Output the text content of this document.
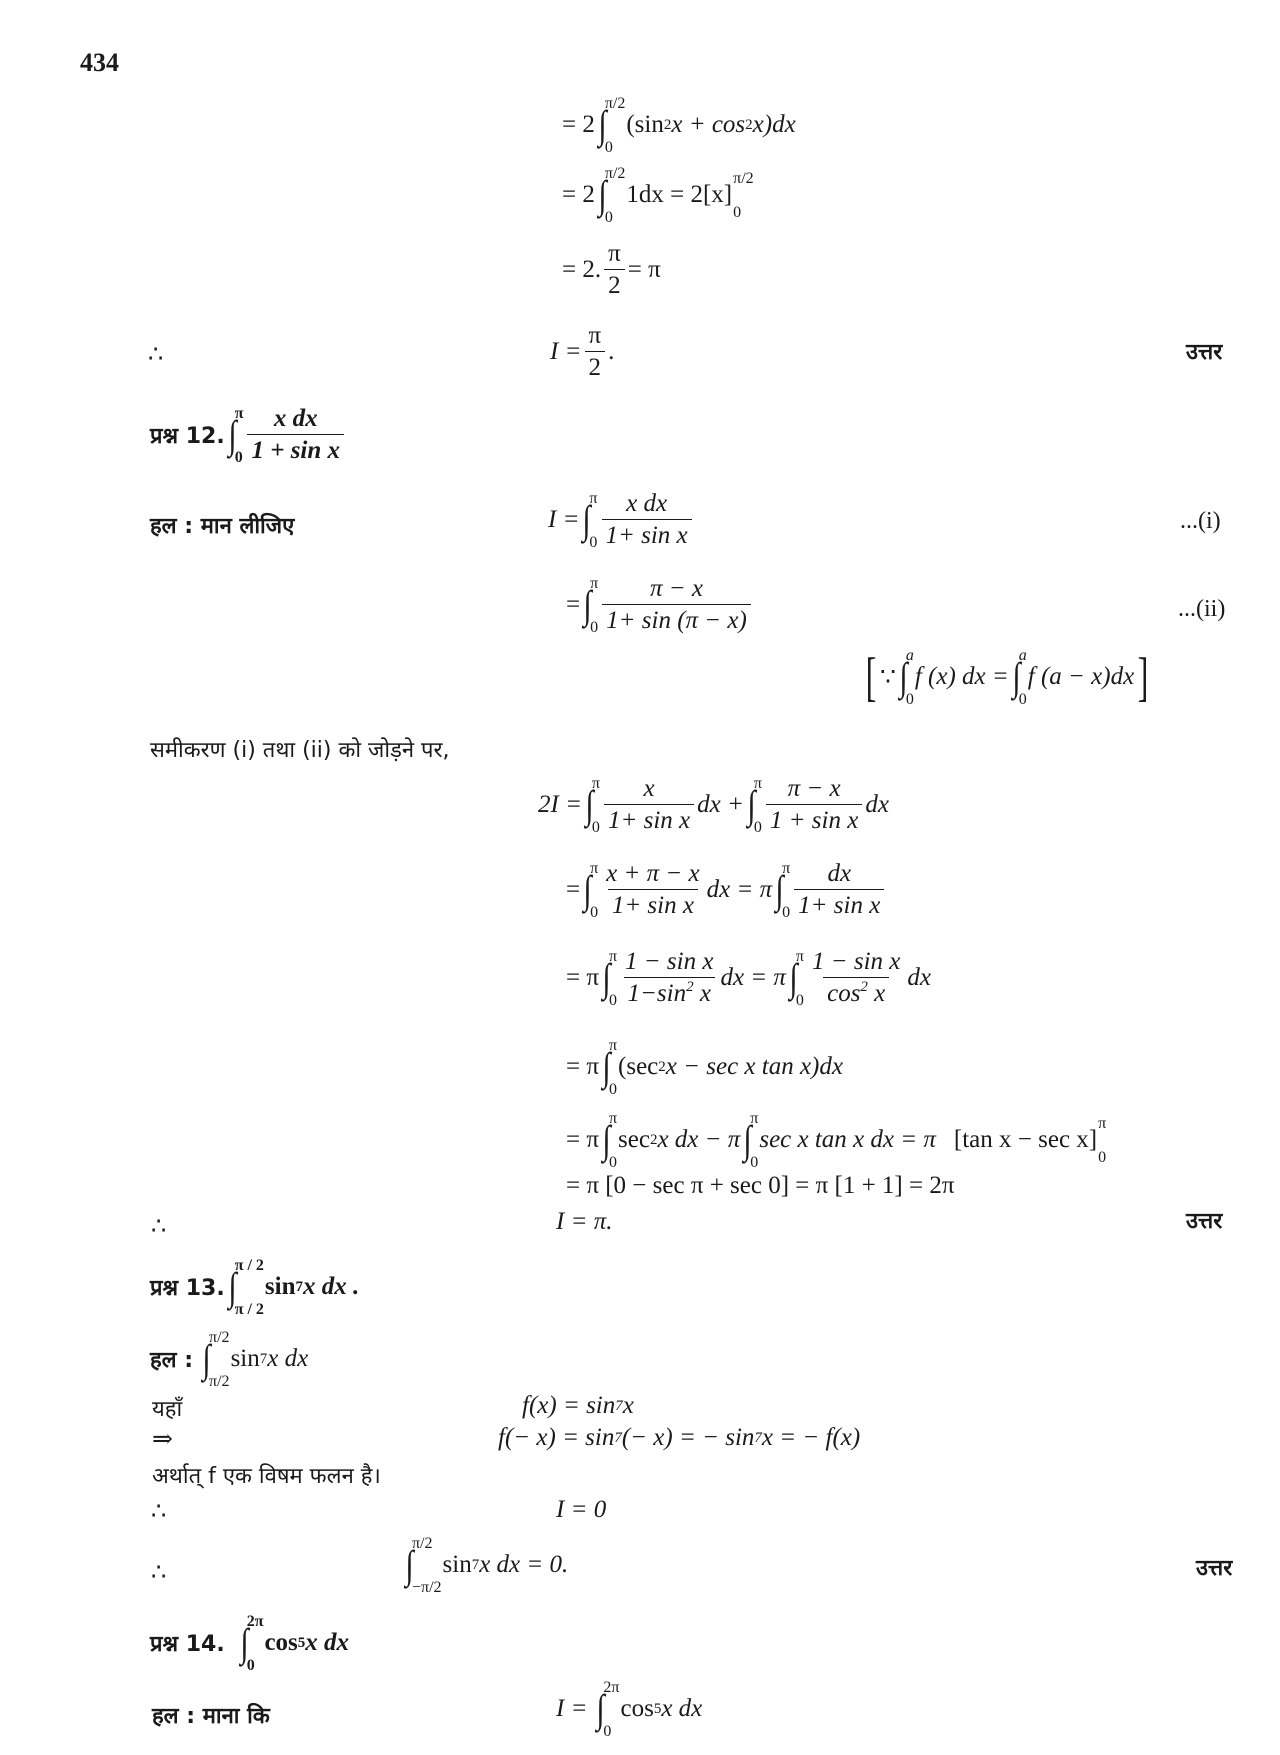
434
= 2 ∫
π/2
0
(sin 2 x + cos 2 x)dx
= 2 ∫
π/2
0
1dx = 2[x]
π/2
0
= 2. $\frac{\pi}{2} = \pi$
∴	$I = \frac{\pi}{2}$ .	उत्तर
प्रश्न 12. ∫
π
$0 \frac{\text{x dx}}{\text{1 + sin x}}$
हल : मान लीजिए	I = ∫
π
$0 \frac{\text{x dx}}{\text{1+ sin x}}$	...(i)
= ∫
π
$0 \frac{\pi - x}{1+ \sin (\pi - x)}$	...(ii)
[ ∵ ∫
a
0
f (x) dx = ∫
a
0
f (a − x)dx ]
समीकरण (i) तथा (ii) को जोड़ने पर,
2I = ∫
π
$0 \frac{x}{\text{1+ sin x}}$ dx + ∫
π
$0 \frac{\pi - x}{\text{1 + sin x}}$ dx
= ∫
π
$0 \frac{x + \pi - x}{\text{1+ sin x}}$ dx = π ∫
π
$0 \frac{dx}{\text{1+ sin x}}$
= π ∫
π
$0 \frac{\text{1 − sin x}}{1-\sin^2 x}$ dx = π ∫
π
$0 \frac{\text{1 − sin x}}{\cos^2 x}$ dx
= π ∫
π
0
(sec 2 x − sec x tan x)dx
= π ∫
π
0
sec 2 x dx − π ∫
π
0
sec x tan x dx = π [tan x − sec x]
π
0
= π [0 − sec π + sec 0] = π [1 + 1] = 2π
∴	I = π.	उत्तर
प्रश्न 13. ∫
π / 2
π / 2
sin 7 x dx .
हल : ∫
π/2
π/2
sin 7 x dx
यहाँ	f(x) = sin 7 x
⇒	f(− x) = sin 7 (− x) = − sin 7 x = − f(x)
अर्थात् f एक विषम फलन है।
∴	I = 0
∴	∫
π/2
−π/2
sin 7 x dx = 0.	उत्तर
प्रश्न 14. ∫
2π
0
cos 5 x dx
हल : माना कि	I = ∫
2π
0
cos 5 x dx
